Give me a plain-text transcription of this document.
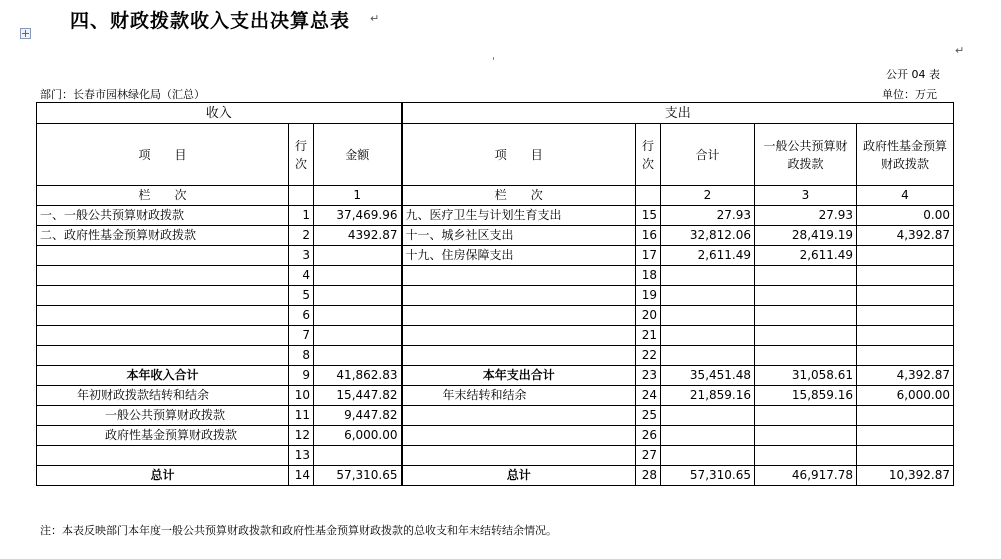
四、财政拨款收入支出决算总表 ↵
↵
ˈ
公开 04 表
部门：长春市园林绿化局（汇总）	单位：万元
收入			支出				
项　　目	行次	金额	项　　目	行次	合计	一般公共预算财政拨款	政府性基金预算财政拨款
栏　　次		1	栏　　次		2	3	4
一、一般公共预算财政拨款	1	37,469.96	九、医疗卫生与计划生育支出	15	27.93	27.93	0.00
二、政府性基金预算财政拨款	2	4392.87	十一、城乡社区支出	16	32,812.06	28,419.19	4,392.87
	3		十九、住房保障支出	17	2,611.49	2,611.49	
	4			18			
	5			19			
	6			20			
	7			21			
	8			22			
本年收入合计	9	41,862.83	本年支出合计	23	35,451.48	31,058.61	4,392.87
年初财政拨款结转和结余	10	15,447.82	年末结转和结余	24	21,859.16	15,859.16	6,000.00
一般公共预算财政拨款	11	9,447.82		25			
政府性基金预算财政拨款	12	6,000.00		26			
	13			27			
总计	14	57,310.65	总计	28	57,310.65	46,917.78	10,392.87
注：本表反映部门本年度一般公共预算财政拨款和政府性基金预算财政拨款的总收支和年末结转结余情况。
